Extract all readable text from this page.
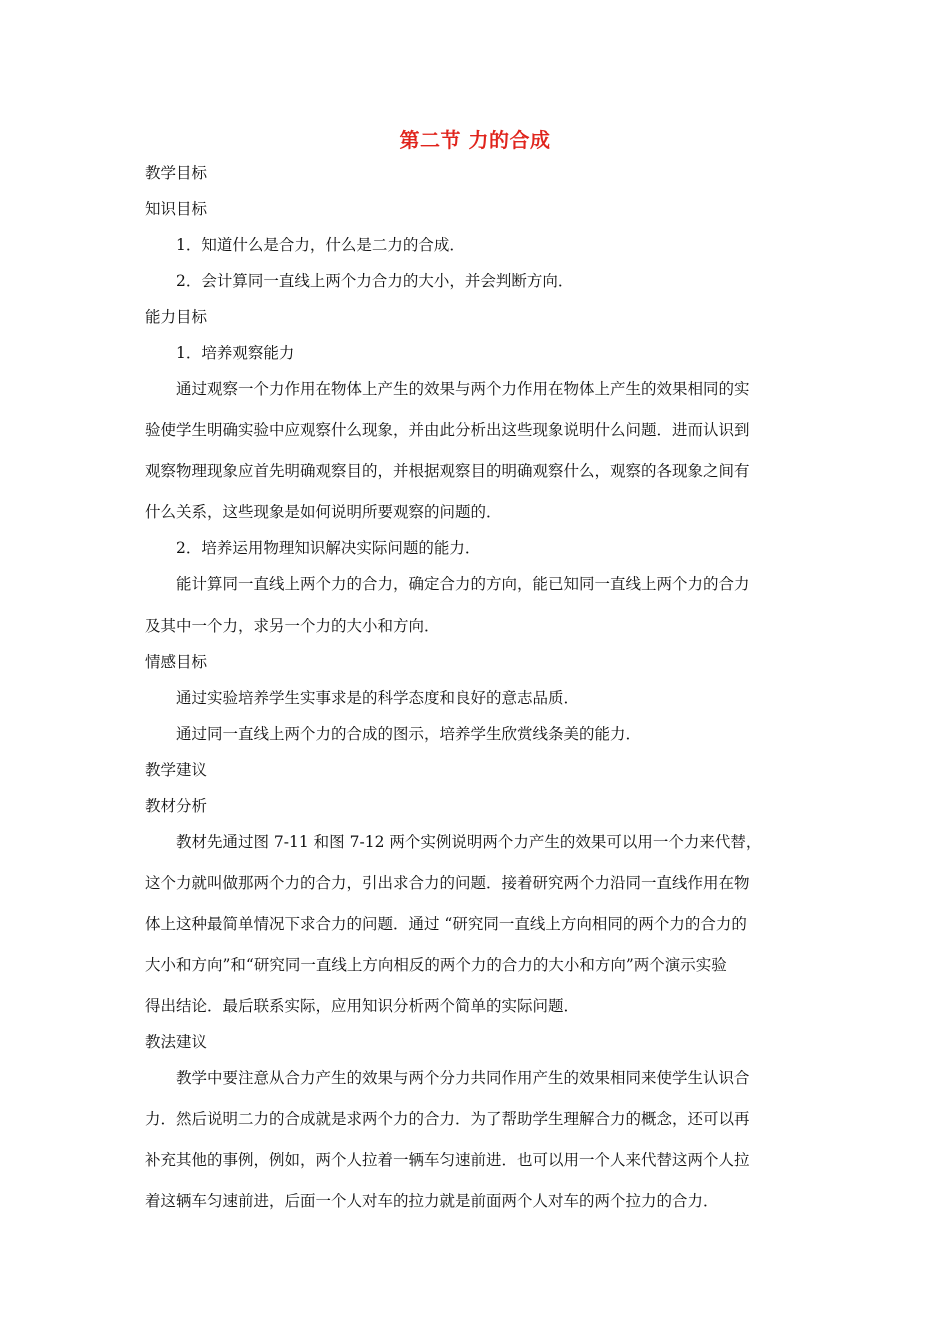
第二节 力的合成
教学目标
知识目标
1．知道什么是合力，什么是二力的合成．
2．会计算同一直线上两个力合力的大小，并会判断方向．
能力目标
1．培养观察能力
通过观察一个力作用在物体上产生的效果与两个力作用在物体上产生的效果相同的实
验使学生明确实验中应观察什么现象，并由此分析出这些现象说明什么问题．进而认识到
观察物理现象应首先明确观察目的，并根据观察目的明确观察什么，观察的各现象之间有
什么关系，这些现象是如何说明所要观察的问题的．
2．培养运用物理知识解决实际问题的能力．
能计算同一直线上两个力的合力，确定合力的方向，能已知同一直线上两个力的合力
及其中一个力，求另一个力的大小和方向．
情感目标
通过实验培养学生实事求是的科学态度和良好的意志品质．
通过同一直线上两个力的合成的图示，培养学生欣赏线条美的能力．
教学建议
教材分析
教材先通过图 7-11 和图 7-12 两个实例说明两个力产生的效果可以用一个力来代替，
这个力就叫做那两个力的合力，引出求合力的问题．接着研究两个力沿同一直线作用在物
体上这种最简单情况下求合力的问题．通过 “研究同一直线上方向相同的两个力的合力的
大小和方向”和“研究同一直线上方向相反的两个力的合力的大小和方向”两个演示实验
得出结论．最后联系实际，应用知识分析两个简单的实际问题．
教法建议
教学中要注意从合力产生的效果与两个分力共同作用产生的效果相同来使学生认识合
力．然后说明二力的合成就是求两个力的合力．为了帮助学生理解合力的概念，还可以再
补充其他的事例，例如，两个人拉着一辆车匀速前进．也可以用一个人来代替这两个人拉
着这辆车匀速前进，后面一个人对车的拉力就是前面两个人对车的两个拉力的合力．
